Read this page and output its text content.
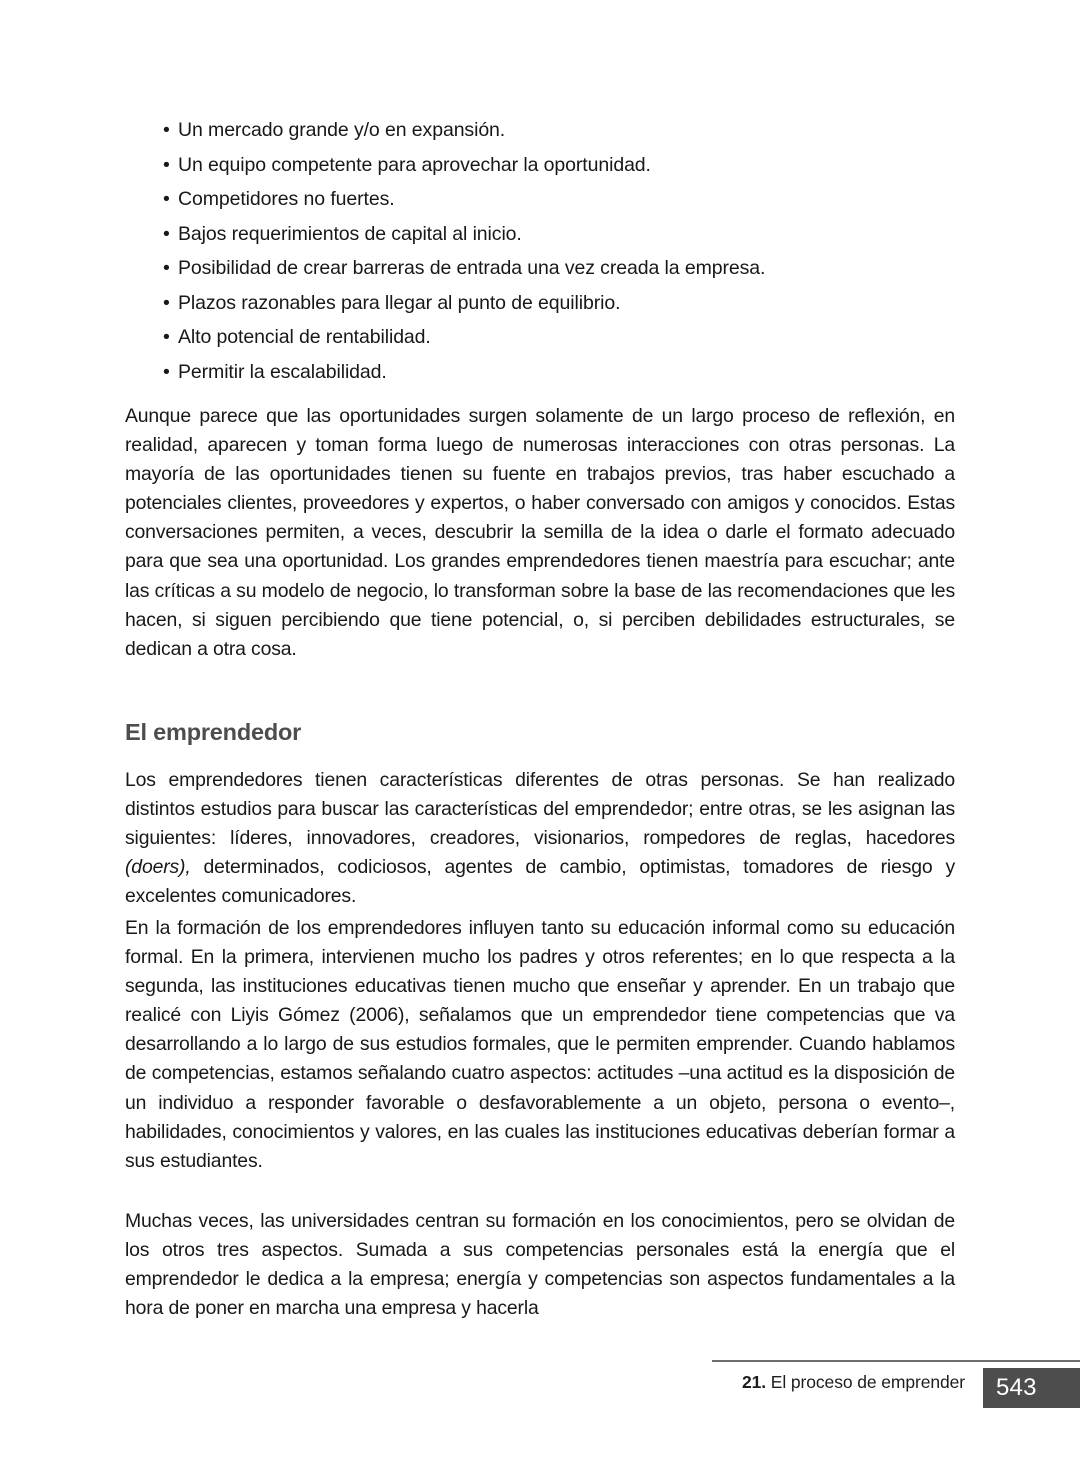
• Un mercado grande y/o en expansión.
• Un equipo competente para aprovechar la oportunidad.
• Competidores no fuertes.
• Bajos requerimientos de capital al inicio.
• Posibilidad de crear barreras de entrada una vez creada la empresa.
• Plazos razonables para llegar al punto de equilibrio.
• Alto potencial de rentabilidad.
• Permitir la escalabilidad.

Aunque parece que las oportunidades surgen solamente de un largo proceso de reflexión, en realidad, aparecen y toman forma luego de numerosas interacciones con otras personas. La mayoría de las oportunidades tienen su fuente en trabajos previos, tras haber escuchado a potenciales clientes, proveedores y expertos, o haber conversado con amigos y conocidos. Estas conversaciones permiten, a veces, descubrir la semilla de la idea o darle el formato adecuado para que sea una oportunidad. Los grandes emprendedores tienen maestría para escuchar; ante las críticas a su modelo de negocio, lo transforman sobre la base de las recomendaciones que les hacen, si siguen percibiendo que tiene potencial, o, si perciben debilidades estructurales, se dedican a otra cosa.

El emprendedor

Los emprendedores tienen características diferentes de otras personas. Se han realizado distintos estudios para buscar las características del emprendedor; entre otras, se les asignan las siguientes: líderes, innovadores, creadores, visionarios, rompedores de reglas, hacedores (doers), determinados, codiciosos, agentes de cambio, optimistas, tomadores de riesgo y excelentes comunicadores.

En la formación de los emprendedores influyen tanto su educación informal como su educación formal. En la primera, intervienen mucho los padres y otros referentes; en lo que respecta a la segunda, las instituciones educativas tienen mucho que enseñar y aprender. En un trabajo que realicé con Liyis Gómez (2006), señalamos que un emprendedor tiene competencias que va desarrollando a lo largo de sus estudios formales, que le permiten emprender. Cuando hablamos de competencias, estamos señalando cuatro aspectos: actitudes –una actitud es la disposición de un individuo a responder favorable o desfavorablemente a un objeto, persona o evento–, habilidades, conocimientos y valores, en las cuales las instituciones educativas deberían formar a sus estudiantes.

Muchas veces, las universidades centran su formación en los conocimientos, pero se olvidan de los otros tres aspectos. Sumada a sus competencias personales está la energía que el emprendedor le dedica a la empresa; energía y competencias son aspectos fundamentales a la hora de poner en marcha una empresa y hacerla

21. El proceso de emprender 543
